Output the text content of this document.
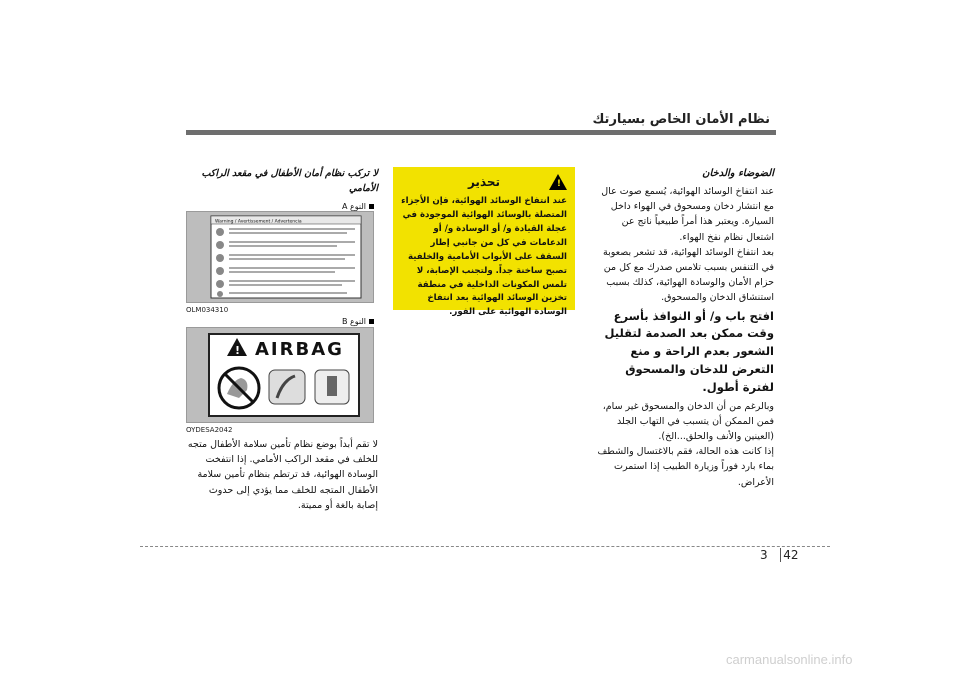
نظام الأمان الخاص بسيارتك
الضوضاء والدخان

عند انتفاخ الوسائد الهوائية، يُسمع صوت عال مع انتشار دخان ومسحوق في الهواء داخل السيارة. ويعتبر هذا أمراً طبيعياً ناتج عن اشتعال نظام نفخ الهواء.

بعد انتفاخ الوسائد الهوائية، قد تشعر بصعوبة في التنفس بسبب تلامس صدرك مع كل من حزام الأمان والوسادة الهوائية، كذلك بسبب استنشاق الدخان والمسحوق.

افتح باب و/ أو النوافذ بأسرع وقت ممكن بعد الصدمة لتقليل الشعور بعدم الراحة و منع التعرض للدخان والمسحوق لفترة أطول.

وبالرغم من أن الدخان والمسحوق غير سام، فمن الممكن أن يتسبب في التهاب الجلد (العينين والأنف والحلق...الخ).

إذا كانت هذه الحالة، فقم بالاغتسال والشطف بماء بارد فوراً وزيارة الطبيب إذا استمرت الأعراض.

!
تحذير
عند انتفاخ الوسائد الهوائية، فإن الأجزاء المتصلة بالوسائد الهوائية الموجودة في عجلة القيادة و/ أو الوسادة و/ أو الدعامات في كل من جانبي إطار السقف على الأبواب الأمامية والخلفية تصبح ساخنة جداً. ولتجنب الإصابة، لا تلمس المكونات الداخلية في منطقة تخزين الوسائد الهوائية بعد انتفاخ الوسادة الهوائية على الفور.
لا تركب نظام أمان الأطفال في مقعد الراكب الأمامي
النوع A
Warning / Avertissement / Advertencia
OLM034310
النوع B
! AIRBAG
OYDESA2042
لا تقم أبداً بوضع نظام تأمين سلامة الأطفال متجه للخلف في مقعد الراكب الأمامي. إذا انتفخت الوسادة الهوائية، قد ترتطم بنظام تأمين سلامة الأطفال المتجه للخلف مما يؤدي إلى حدوث إصابة بالغة أو مميتة.
3 42
carmanualsonline.info
